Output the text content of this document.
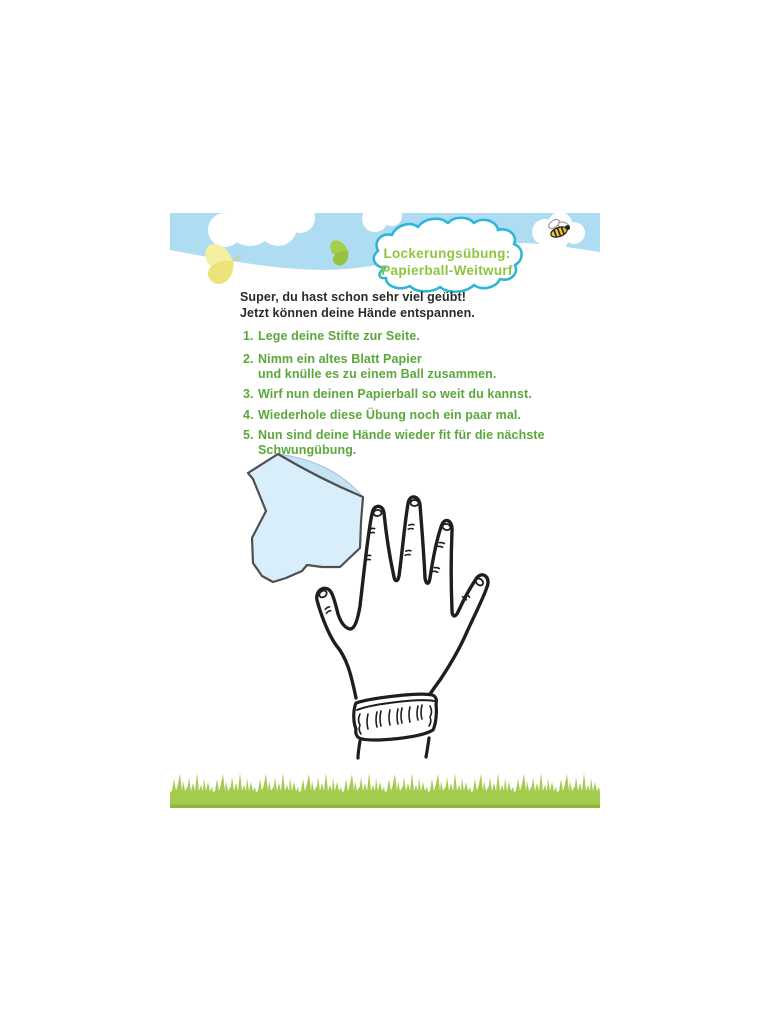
Lockerungsübung:
Papierball-Weitwurf
Super, du hast schon sehr viel geübt!
Jetzt können deine Hände entspannen.
1. Lege deine Stifte zur Seite.
2. Nimm ein altes Blatt Papier
und knülle es zu einem Ball zusammen.
3. Wirf nun deinen Papierball so weit du kannst.
4. Wiederhole diese Übung noch ein paar mal.
5. Nun sind deine Hände wieder fit für die nächste Schwungübung.
